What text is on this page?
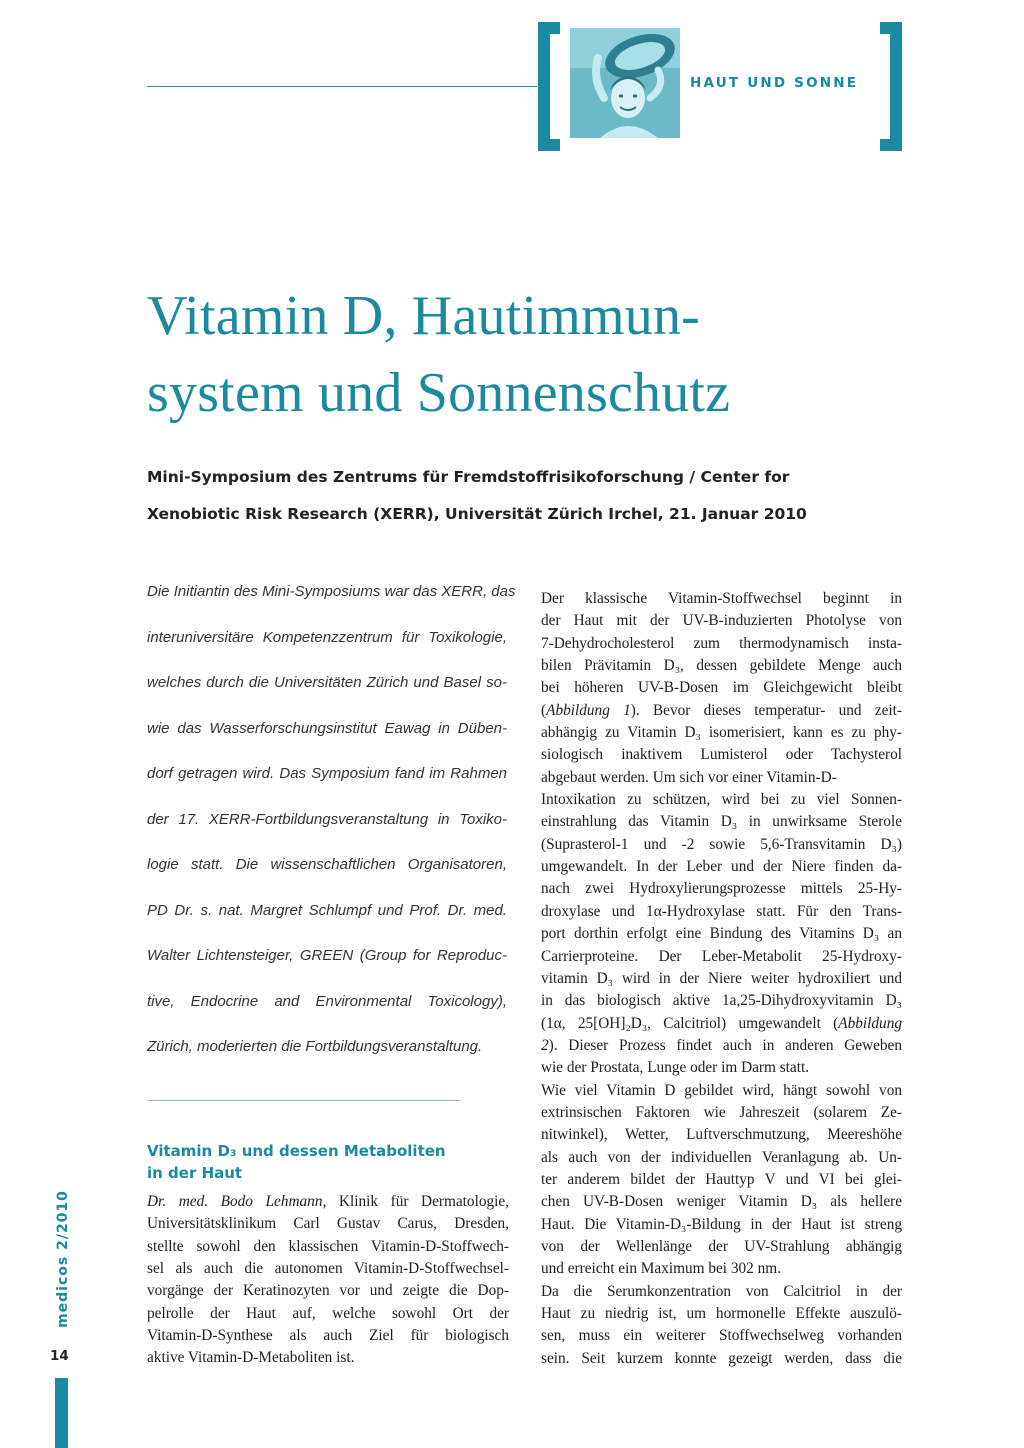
HAUT UND SONNE
Vitamin D, Hautimmun-
system und Sonnenschutz
Mini-Symposium des Zentrums für Fremdstoffrisikoforschung / Center for
Xenobiotic Risk Research (XERR), Universität Zürich Irchel, 21. Januar 2010
Die Initiantin des Mini-Symposiums war das XERR, das
interuniversitäre Kompetenzzentrum für Toxikologie,
welches durch die Universitäten Zürich und Basel so-
wie das Wasserforschungsinstitut Eawag in Düben-
dorf getragen wird. Das Symposium fand im Rahmen
der 17. XERR-Fortbildungsveranstaltung in Toxiko-
logie statt. Die wissenschaftlichen Organisatoren,
PD Dr. s. nat. Margret Schlumpf und Prof. Dr. med.
Walter Lichtensteiger, GREEN (Group for Reproduc-
tive, Endocrine and Environmental Toxicology),
Zürich, moderierten die Fortbildungsveranstaltung.
Vitamin D₃ und dessen Metaboliten
in der Haut
Dr. med. Bodo Lehmann, Klinik für Dermatologie,
Universitätsklinikum Carl Gustav Carus, Dresden,
stellte sowohl den klassischen Vitamin-D-Stoffwech-
sel als auch die autonomen Vitamin-D-Stoffwechsel-
vorgänge der Keratinozyten vor und zeigte die Dop-
pelrolle der Haut auf, welche sowohl Ort der
Vitamin-D-Synthese als auch Ziel für biologisch
aktive Vitamin-D-Metaboliten ist.
Der klassische Vitamin-Stoffwechsel beginnt in
der Haut mit der UV-B-induzierten Photolyse von
7-Dehydrocholesterol zum thermodynamisch insta-
bilen Prävitamin D₃, dessen gebildete Menge auch
bei höheren UV-B-Dosen im Gleichgewicht bleibt
(Abbildung 1). Bevor dieses temperatur- und zeit-
abhängig zu Vitamin D₃ isomerisiert, kann es zu phy-
siologisch inaktivem Lumisterol oder Tachysterol
abgebaut werden. Um sich vor einer Vitamin-D-
Intoxikation zu schützen, wird bei zu viel Sonnen-
einstrahlung das Vitamin D₃ in unwirksame Sterole
(Suprasterol-1 und -2 sowie 5,6-Transvitamin D₃)
umgewandelt. In der Leber und der Niere finden da-
nach zwei Hydroxylierungsprozesse mittels 25-Hy-
droxylase und 1α-Hydroxylase statt. Für den Trans-
port dorthin erfolgt eine Bindung des Vitamins D₃ an
Carrierproteine. Der Leber-Metabolit 25-Hydroxy-
vitamin D₃ wird in der Niere weiter hydroxiliert und
in das biologisch aktive 1a,25-Dihydroxyvitamin D₃
(1α, 25[OH]₂D₃, Calcitriol) umgewandelt (Abbildung
2). Dieser Prozess findet auch in anderen Geweben
wie der Prostata, Lunge oder im Darm statt.
Wie viel Vitamin D gebildet wird, hängt sowohl von
extrinsischen Faktoren wie Jahreszeit (solarem Ze-
nitwinkel), Wetter, Luftverschmutzung, Meereshöhe
als auch von der individuellen Veranlagung ab. Un-
ter anderem bildet der Hauttyp V und VI bei glei-
chen UV-B-Dosen weniger Vitamin D₃ als hellere
Haut. Die Vitamin-D₃-Bildung in der Haut ist streng
von der Wellenlänge der UV-Strahlung abhängig
und erreicht ein Maximum bei 302 nm.
Da die Serumkonzentration von Calcitriol in der
Haut zu niedrig ist, um hormonelle Effekte auszulö-
sen, muss ein weiterer Stoffwechselweg vorhanden
sein. Seit kurzem konnte gezeigt werden, dass die
medicos 2/2010
14
